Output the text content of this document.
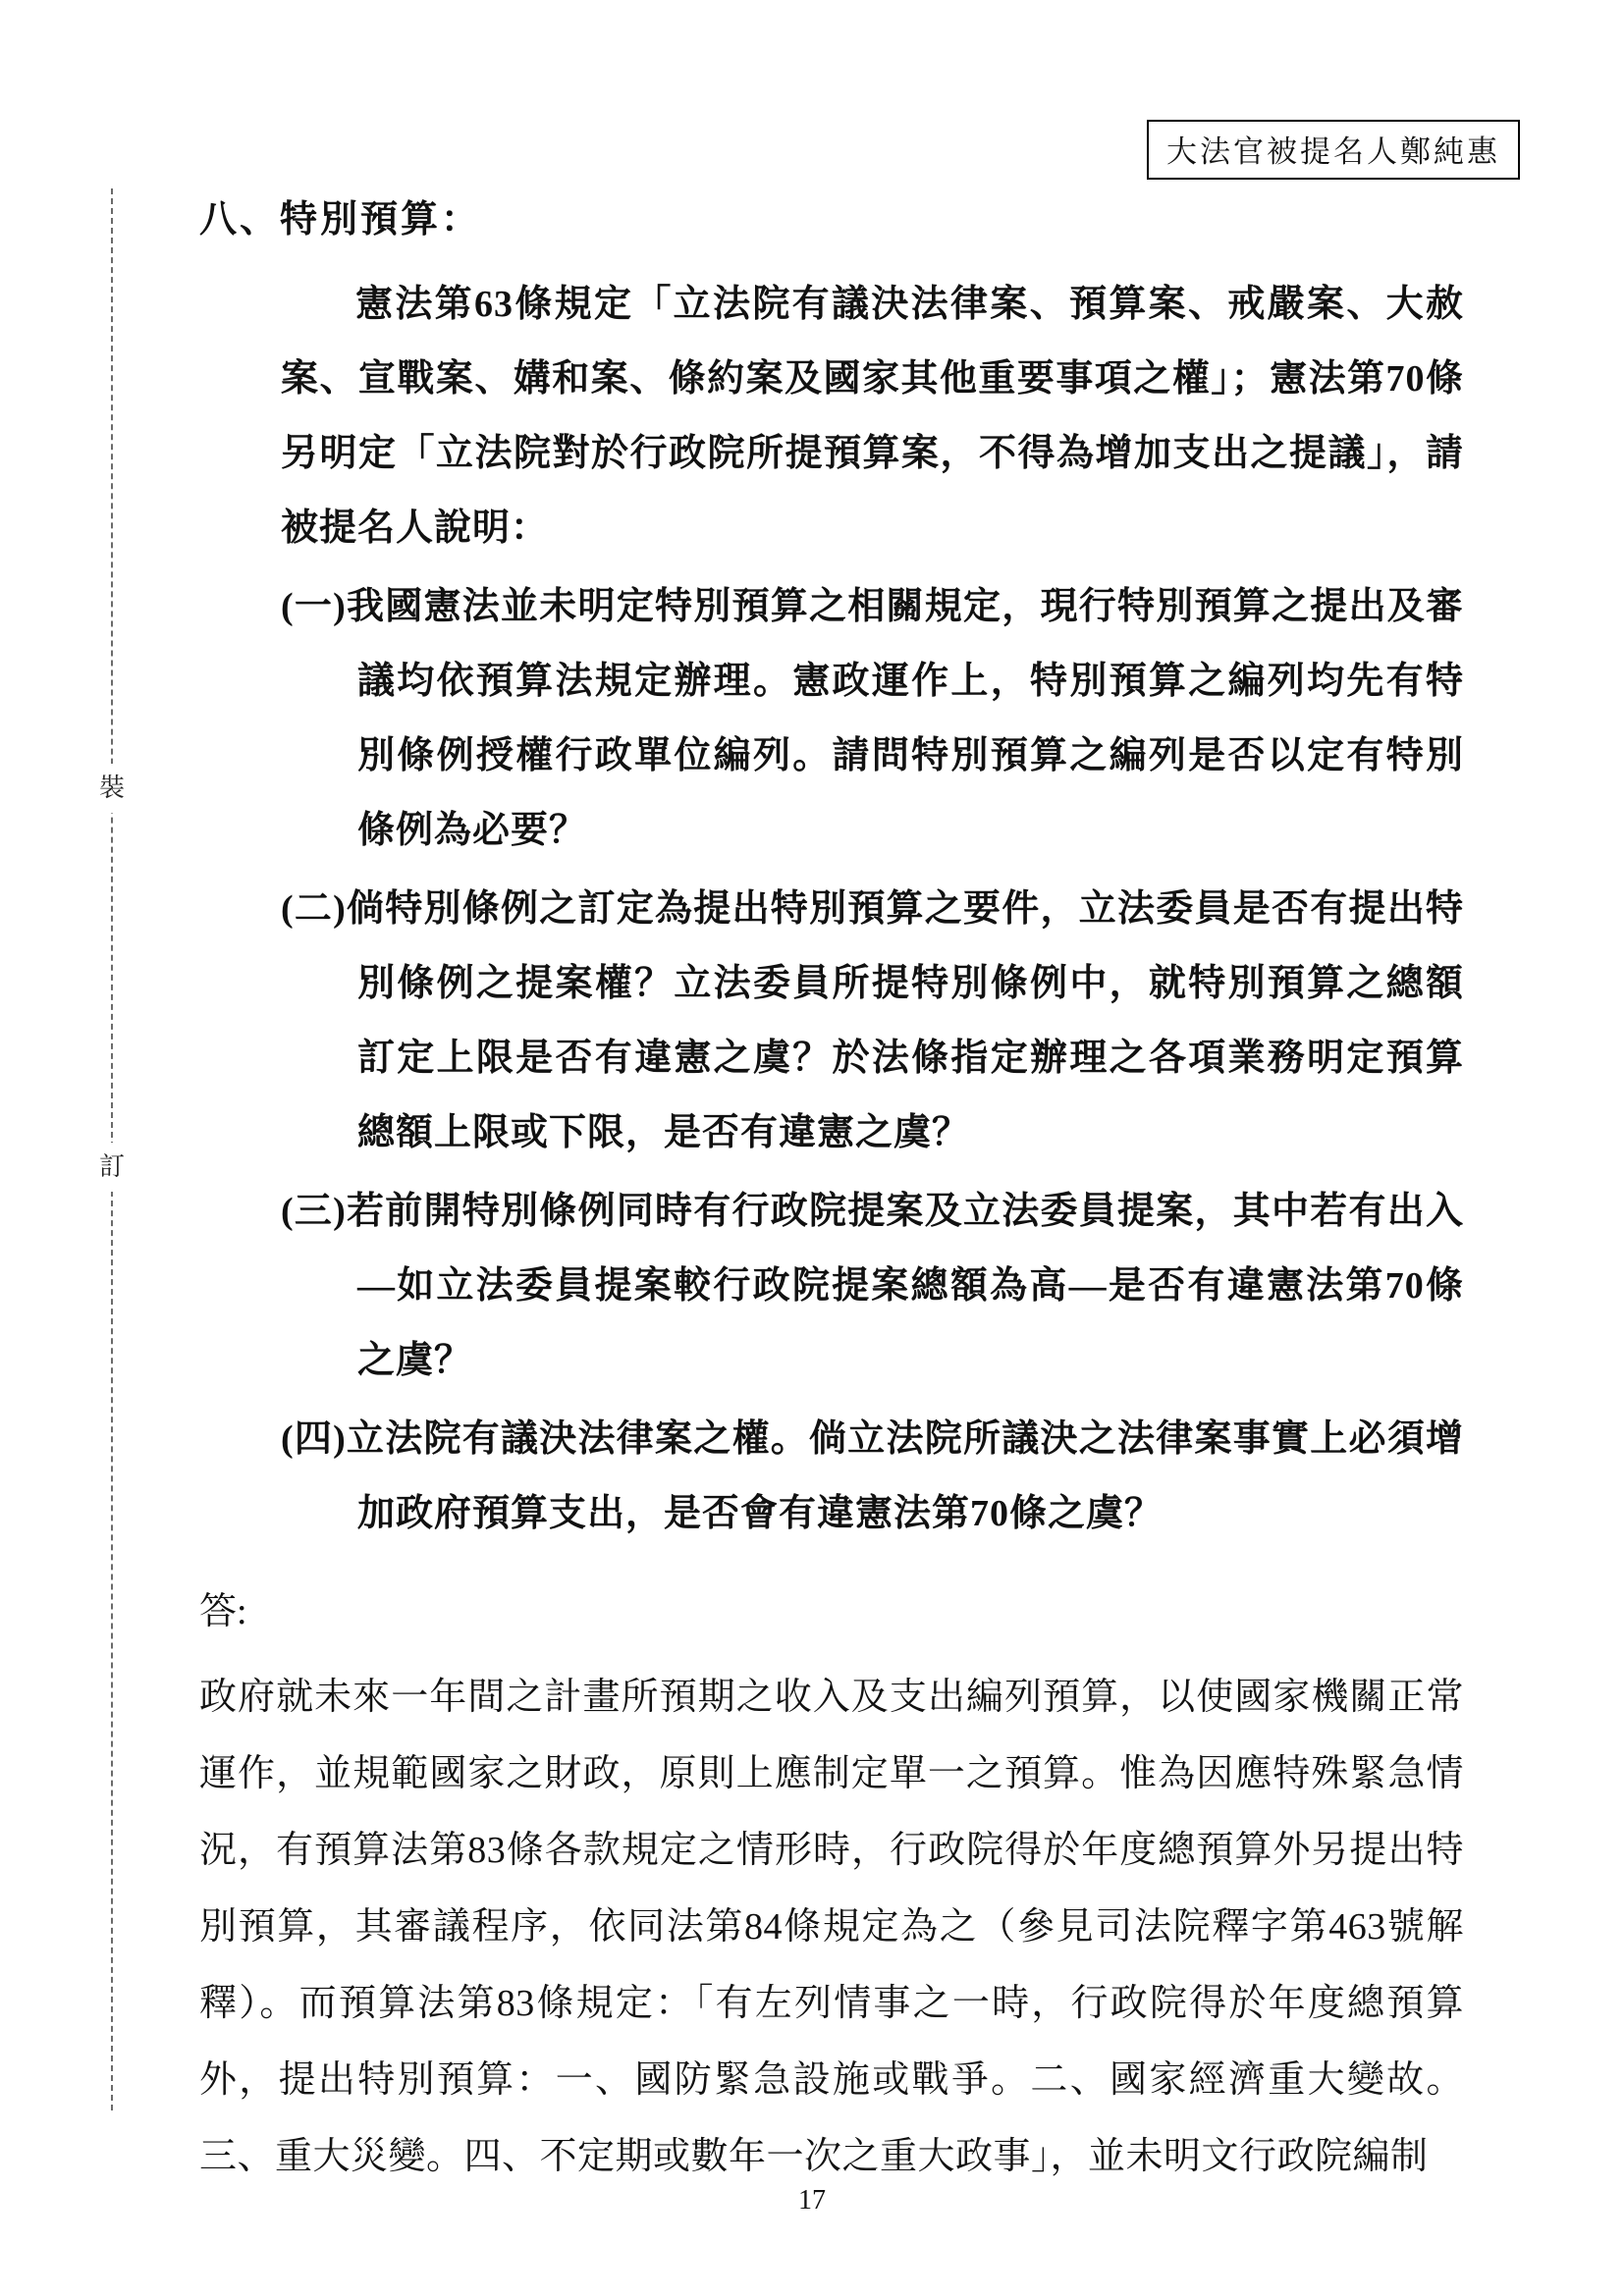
裝
訂
大法官被提名人鄭純惠
八、特別預算：
憲法第63條規定「立法院有議決法律案、預算案、戒嚴案、大赦案、宣戰案、媾和案、條約案及國家其他重要事項之權」；憲法第70條另明定「立法院對於行政院所提預算案，不得為增加支出之提議」，請被提名人說明：
(一)我國憲法並未明定特別預算之相關規定，現行特別預算之提出及審議均依預算法規定辦理。憲政運作上，特別預算之編列均先有特別條例授權行政單位編列。請問特別預算之編列是否以定有特別條例為必要？
(二)倘特別條例之訂定為提出特別預算之要件，立法委員是否有提出特別條例之提案權？立法委員所提特別條例中，就特別預算之總額訂定上限是否有違憲之虞？於法條指定辦理之各項業務明定預算總額上限或下限，是否有違憲之虞？
(三)若前開特別條例同時有行政院提案及立法委員提案，其中若有出入—如立法委員提案較行政院提案總額為高—是否有違憲法第70條之虞？
(四)立法院有議決法律案之權。倘立法院所議決之法律案事實上必須增加政府預算支出，是否會有違憲法第70條之虞？
答:
政府就未來一年間之計畫所預期之收入及支出編列預算，以使國家機關正常運作，並規範國家之財政，原則上應制定單一之預算。惟為因應特殊緊急情況，有預算法第83條各款規定之情形時，行政院得於年度總預算外另提出特別預算，其審議程序，依同法第84條規定為之（參見司法院釋字第463號解釋）。而預算法第83條規定：「有左列情事之一時，行政院得於年度總預算外，提出特別預算：一、國防緊急設施或戰爭。二、國家經濟重大變故。三、重大災變。四、不定期或數年一次之重大政事」，並未明文行政院編制
17
